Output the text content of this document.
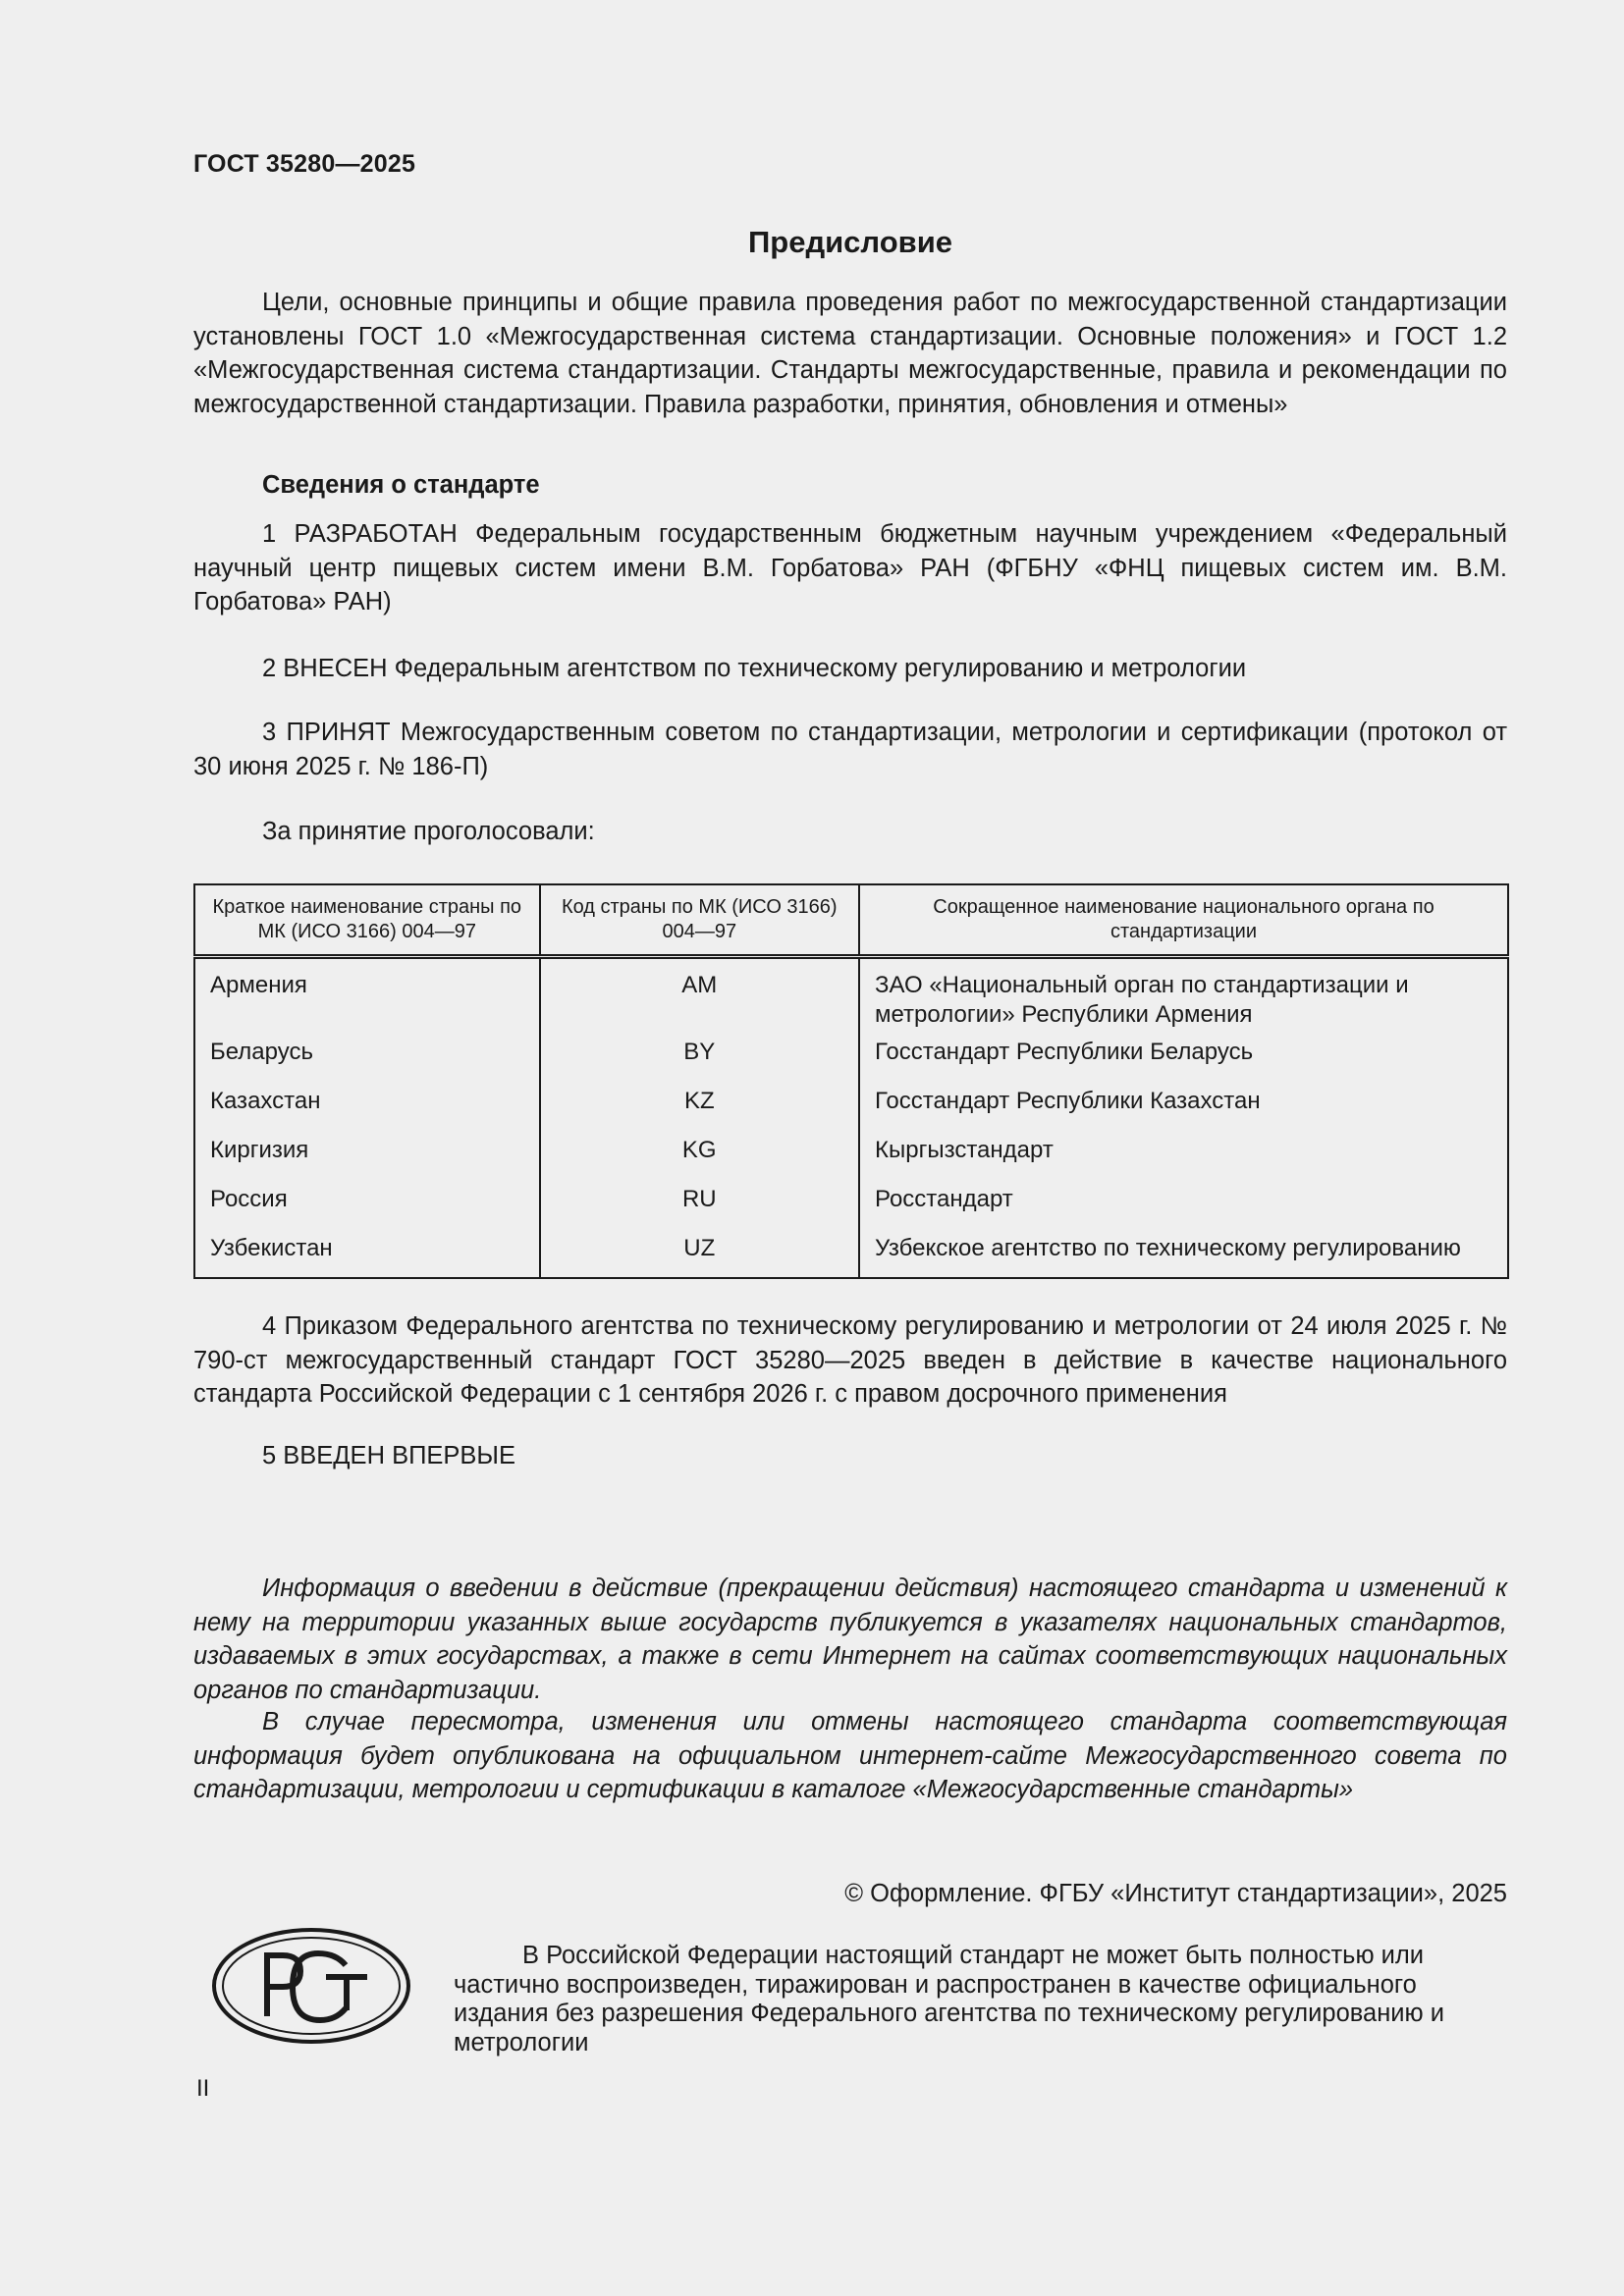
ГОСТ 35280—2025
Предисловие

Цели, основные принципы и общие правила проведения работ по межгосударственной стандартизации установлены ГОСТ 1.0 «Межгосударственная система стандартизации. Основные положения» и ГОСТ 1.2 «Межгосударственная система стандартизации. Стандарты межгосударственные, правила и рекомендации по межгосударственной стандартизации. Правила разработки, принятия, обновления и отмены»

Сведения о стандарте

1 РАЗРАБОТАН Федеральным государственным бюджетным научным учреждением «Федеральный научный центр пищевых систем имени В.М. Горбатова» РАН (ФГБНУ «ФНЦ пищевых систем им. В.М. Горбатова» РАН)

2 ВНЕСЕН Федеральным агентством по техническому регулированию и метрологии

3 ПРИНЯТ Межгосударственным советом по стандартизации, метрологии и сертификации (протокол от 30 июня 2025 г. № 186-П)

За принятие проголосовали:

Краткое наименование страны по МК (ИСО 3166) 004—97	Код страны по МК (ИСО 3166) 004—97	Сокращенное наименование национального органа по стандартизации
Армения	AM	ЗАО «Национальный орган по стандартизации и метрологии» Республики Армения
Беларусь	BY	Госстандарт Республики Беларусь
Казахстан	KZ	Госстандарт Республики Казахстан
Киргизия	KG	Кыргызстандарт
Россия	RU	Росстандарт
Узбекистан	UZ	Узбекское агентство по техническому регулированию

4 Приказом Федерального агентства по техническому регулированию и метрологии от 24 июля 2025 г. № 790-ст межгосударственный стандарт ГОСТ 35280—2025 введен в действие в качестве национального стандарта Российской Федерации с 1 сентября 2026 г. с правом досрочного применения

5 ВВЕДЕН ВПЕРВЫЕ

Информация о введении в действие (прекращении действия) настоящего стандарта и изменений к нему на территории указанных выше государств публикуется в указателях национальных стандартов, издаваемых в этих государствах, а также в сети Интернет на сайтах соответствующих национальных органов по стандартизации.

В случае пересмотра, изменения или отмены настоящего стандарта соответствующая информация будет опубликована на официальном интернет-сайте Межгосударственного совета по стандартизации, метрологии и сертификации в каталоге «Межгосударственные стандарты»

© Оформление. ФГБУ «Институт стандартизации», 2025

В Российской Федерации настоящий стандарт не может быть полностью или частично воспроизведен, тиражирован и распространен в качестве официального издания без разрешения Федерального агентства по техническому регулированию и метрологии

II
